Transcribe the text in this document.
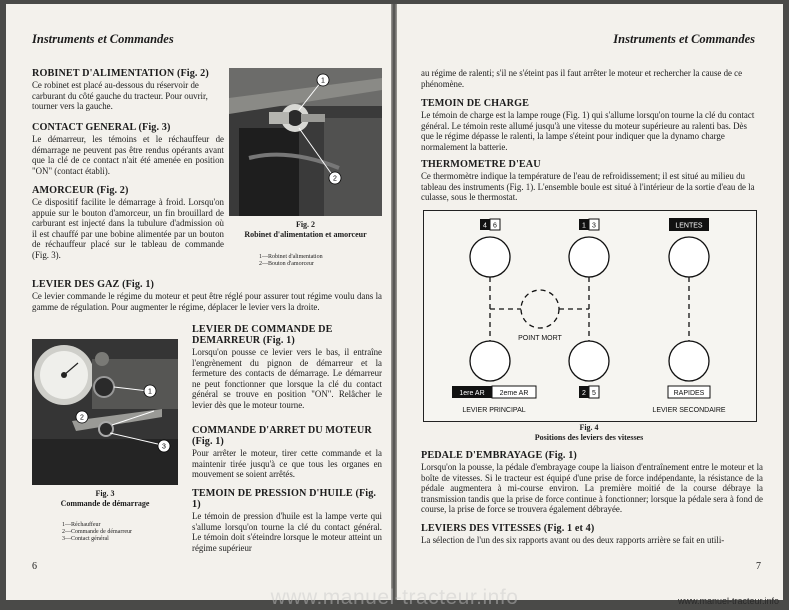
Instruments et Commandes
ROBINET D'ALIMENTATION (Fig. 2)

Ce robinet est placé au-dessous du réservoir de carburant du côté gauche du tracteur. Pour ouvrir, tourner vers la gauche.

CONTACT GENERAL (Fig. 3)

Le démarreur, les témoins et le réchauffeur de démarrage ne peuvent pas être rendus opérants avant que la clé de ce contact n'ait été amenée en position "ON" (contact établi).

AMORCEUR (Fig. 2)

Ce dispositif facilite le démarrage à froid. Lorsqu'on appuie sur le bouton d'amorceur, un fin brouillard de carburant est injecté dans la tubulure d'admission où il est chauffé par une bobine alimentée par un bouton de réchauffeur placé sur le tableau de commande (Fig. 3).

1
2
Fig. 2
Robinet d'alimentation et amorceur
1—Robinet d'alimentation
2—Bouton d'amorceur
LEVIER DES GAZ (Fig. 1)

Ce levier commande le régime du moteur et peut être réglé pour assurer tout régime voulu dans la gamme de régulation. Pour augmenter le régime, déplacer le levier vers la droite.

1
2
3
Fig. 3
Commande de démarrage
1—Réchauffeur
2—Commande de démarreur
3—Contact général
LEVIER DE COMMANDE DE DEMARREUR (Fig. 1)

Lorsqu'on pousse ce levier vers le bas, il entraîne l'engrènement du pignon de démarreur et la fermeture des contacts de démarrage. Le démarreur ne peut fonctionner que lorsque la clé du contact général se trouve en position "ON". Relâcher le levier dès que le moteur tourne.

COMMANDE D'ARRET DU MOTEUR (Fig. 1)

Pour arrêter le moteur, tirer cette commande et la maintenir tirée jusqu'à ce que tous les organes en mouvement se soient arrêtés.

TEMOIN DE PRESSION D'HUILE (Fig. 1)

Le témoin de pression d'huile est la lampe verte qui s'allume lorsqu'on tourne la clé du contact général. Le témoin doit s'éteindre lorsque le moteur atteint un régime supérieur

6
Instruments et Commandes

au régime de ralenti; s'il ne s'éteint pas il faut arrêter le moteur et rechercher la cause de ce phénomène.

TEMOIN DE CHARGE

Le témoin de charge est la lampe rouge (Fig. 1) qui s'allume lorsqu'on tourne la clé du contact général. Le témoin reste allumé jusqu'à une vitesse du moteur supérieure au ralenti bas. Dès que le régime dépasse le ralenti, la lampe s'éteint pour indiquer que la dynamo charge normalement la batterie.

THERMOMETRE D'EAU

Ce thermomètre indique la température de l'eau de refroidissement; il est situé au milieu du tableau des instruments (Fig. 1). L'ensemble boule est situé à l'intérieur de la sortie d'eau de la culasse, sous le thermostat.

4 6	1 3	LENTES
POINT MORT
1ere AR 2eme AR	2 5	RAPIDES
LEVIER PRINCIPAL	LEVIER SECONDAIRE
Fig. 4
Positions des leviers des vitesses
PEDALE D'EMBRAYAGE (Fig. 1)

Lorsqu'on la pousse, la pédale d'embrayage coupe la liaison d'entraînement entre le moteur et la boîte de vitesses. Si le tracteur est équipé d'une prise de force indépendante, la résistance de la pédale augmentera à mi-course environ. La première moitié de la course débraye la transmission tandis que la prise de force continue à fonctionner; lorsque la pédale sera à fond de course, la prise de force se trouvera également débrayée.

LEVIERS DES VITESSES (Fig. 1 et 4)

La sélection de l'un des six rapports avant ou des deux rapports arrière se fait en utili-

7
www.manuel-tracteur.info	www.manuel-tracteur.info
